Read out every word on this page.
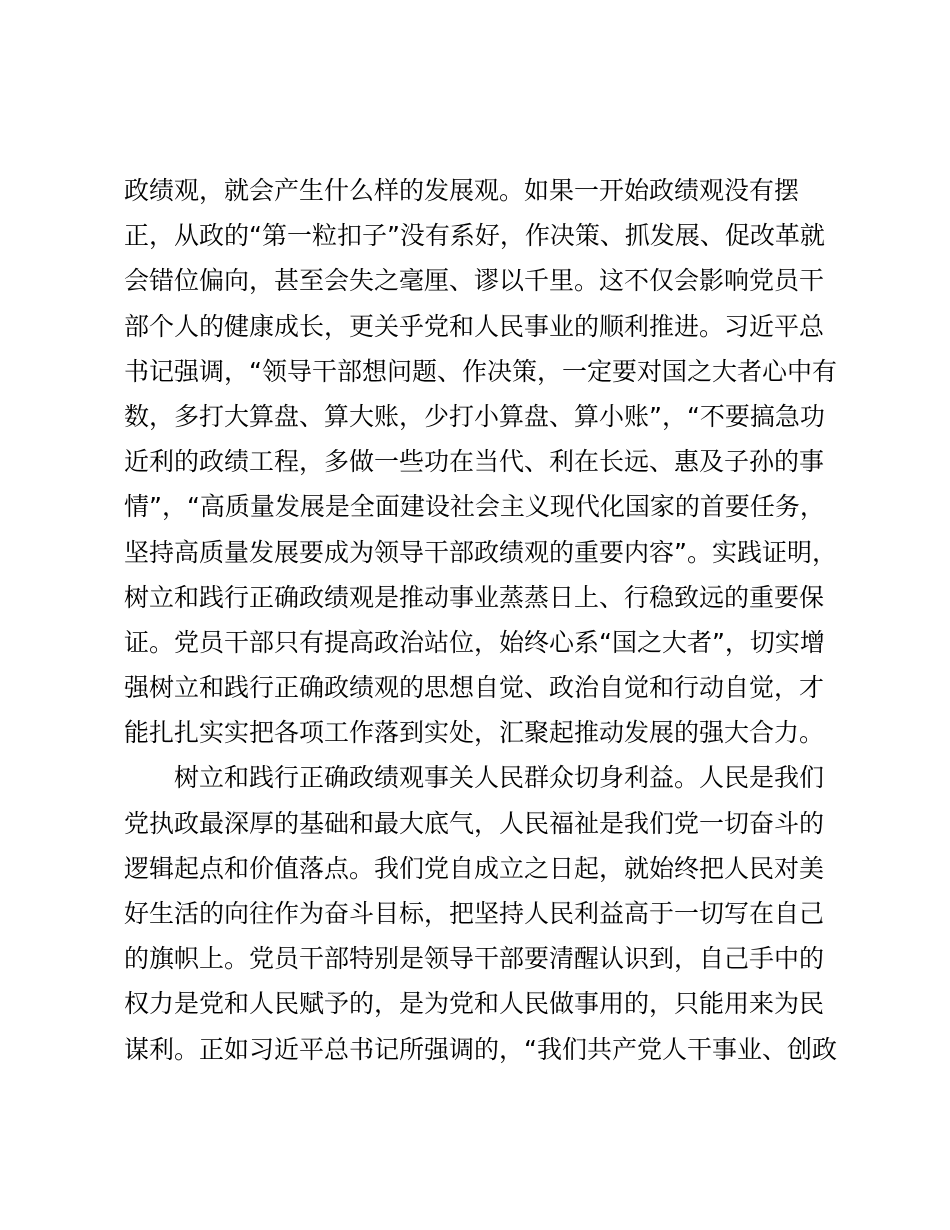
政绩观，就会产生什么样的发展观。如果一开始政绩观没有摆
正，从政的“第一粒扣子”没有系好，作决策、抓发展、促改革就
会错位偏向，甚至会失之毫厘、谬以千里。这不仅会影响党员干
部个人的健康成长，更关乎党和人民事业的顺利推进。习近平总
书记强调，“领导干部想问题、作决策，一定要对国之大者心中有
数，多打大算盘、算大账，少打小算盘、算小账”，“不要搞急功
近利的政绩工程，多做一些功在当代、利在长远、惠及子孙的事
情”，“高质量发展是全面建设社会主义现代化国家的首要任务，
坚持高质量发展要成为领导干部政绩观的重要内容”。实践证明，
树立和践行正确政绩观是推动事业蒸蒸日上、行稳致远的重要保
证。党员干部只有提高政治站位，始终心系“国之大者”，切实增
强树立和践行正确政绩观的思想自觉、政治自觉和行动自觉，才
能扎扎实实把各项工作落到实处，汇聚起推动发展的强大合力。
树立和践行正确政绩观事关人民群众切身利益。人民是我们
党执政最深厚的基础和最大底气，人民福祉是我们党一切奋斗的
逻辑起点和价值落点。我们党自成立之日起，就始终把人民对美
好生活的向往作为奋斗目标，把坚持人民利益高于一切写在自己
的旗帜上。党员干部特别是领导干部要清醒认识到，自己手中的
权力是党和人民赋予的，是为党和人民做事用的，只能用来为民
谋利。正如习近平总书记所强调的，“我们共产党人干事业、创政
